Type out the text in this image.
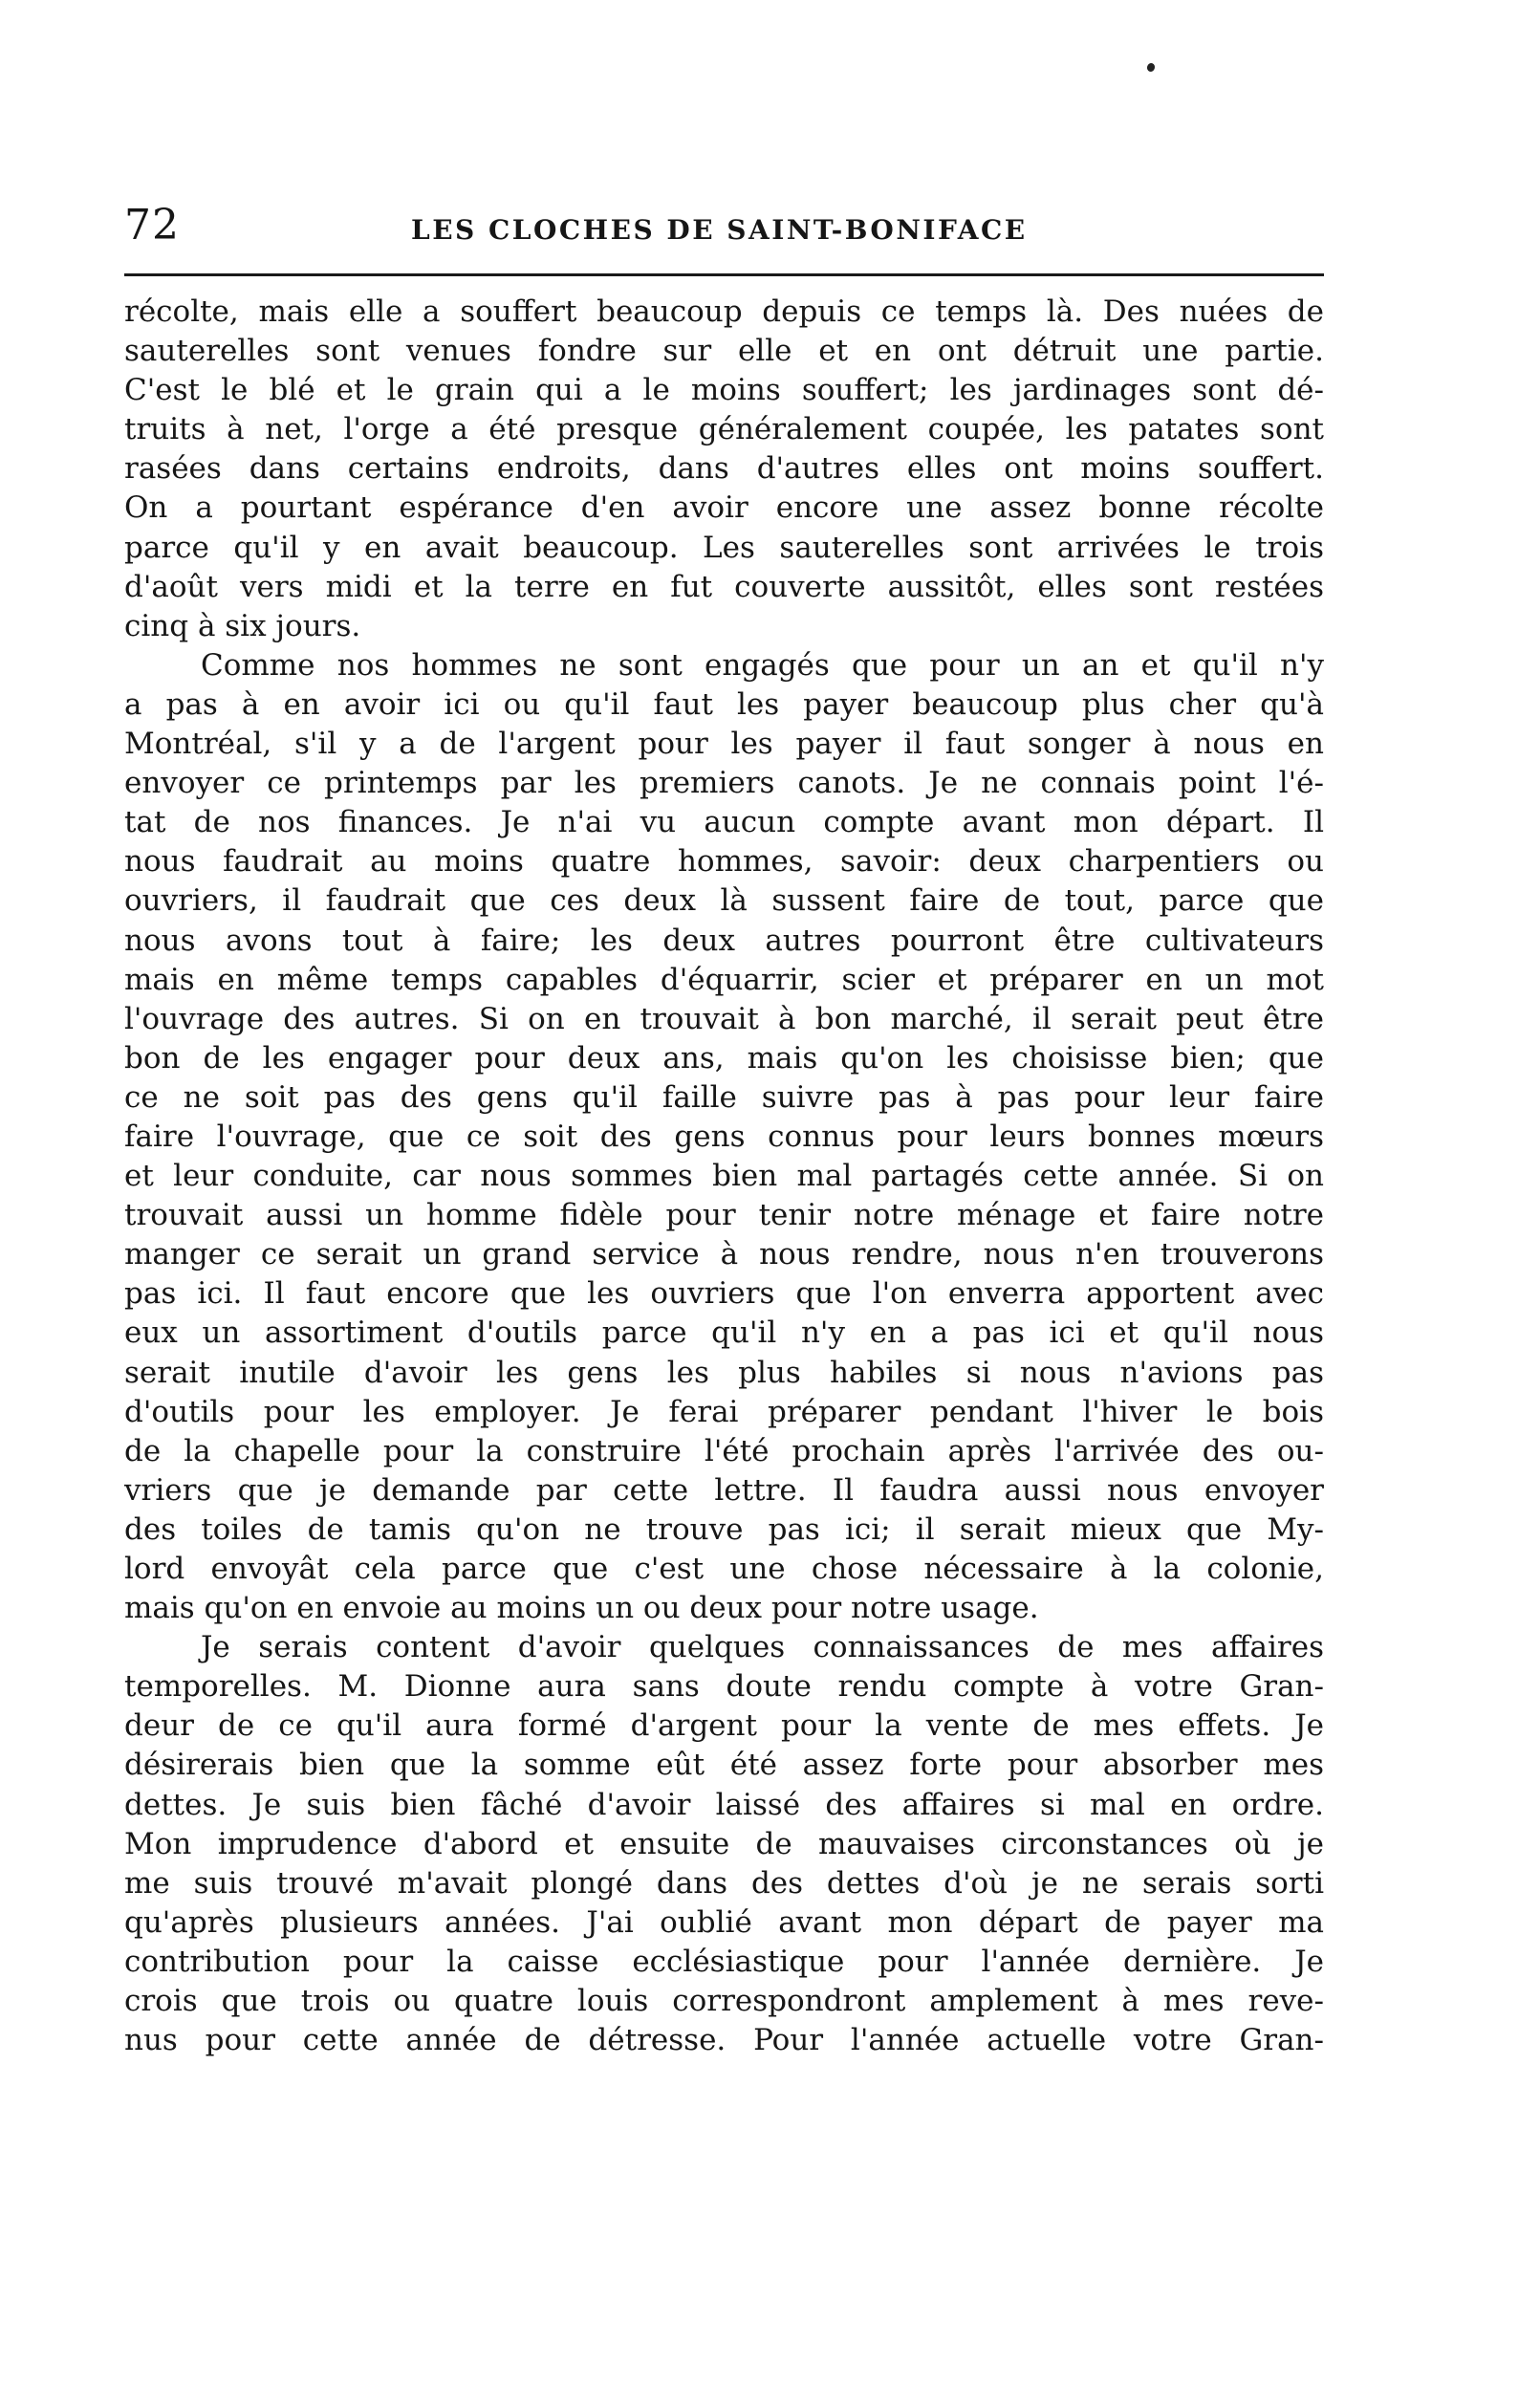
72	LES CLOCHES DE SAINT-BONIFACE
récolte, mais elle a souffert beaucoup depuis ce temps là. Des nuées de
sauterelles sont venues fondre sur elle et en ont détruit une partie.
C'est le blé et le grain qui a le moins souffert; les jardinages sont dé-
truits à net, l'orge a été presque généralement coupée, les patates sont
rasées dans certains endroits, dans d'autres elles ont moins souffert.
On a pourtant espérance d'en avoir encore une assez bonne récolte
parce qu'il y en avait beaucoup. Les sauterelles sont arrivées le trois
d'août vers midi et la terre en fut couverte aussitôt, elles sont restées
cinq à six jours.
Comme nos hommes ne sont engagés que pour un an et qu'il n'y
a pas à en avoir ici ou qu'il faut les payer beaucoup plus cher qu'à
Montréal, s'il y a de l'argent pour les payer il faut songer à nous en
envoyer ce printemps par les premiers canots. Je ne connais point l'é-
tat de nos finances. Je n'ai vu aucun compte avant mon départ. Il
nous faudrait au moins quatre hommes, savoir: deux charpentiers ou
ouvriers, il faudrait que ces deux là sussent faire de tout, parce que
nous avons tout à faire; les deux autres pourront être cultivateurs
mais en même temps capables d'équarrir, scier et préparer en un mot
l'ouvrage des autres. Si on en trouvait à bon marché, il serait peut être
bon de les engager pour deux ans, mais qu'on les choisisse bien; que
ce ne soit pas des gens qu'il faille suivre pas à pas pour leur faire
faire l'ouvrage, que ce soit des gens connus pour leurs bonnes mœurs
et leur conduite, car nous sommes bien mal partagés cette année. Si on
trouvait aussi un homme fidèle pour tenir notre ménage et faire notre
manger ce serait un grand service à nous rendre, nous n'en trouverons
pas ici. Il faut encore que les ouvriers que l'on enverra apportent avec
eux un assortiment d'outils parce qu'il n'y en a pas ici et qu'il nous
serait inutile d'avoir les gens les plus habiles si nous n'avions pas
d'outils pour les employer. Je ferai préparer pendant l'hiver le bois
de la chapelle pour la construire l'été prochain après l'arrivée des ou-
vriers que je demande par cette lettre. Il faudra aussi nous envoyer
des toiles de tamis qu'on ne trouve pas ici; il serait mieux que My-
lord envoyât cela parce que c'est une chose nécessaire à la colonie,
mais qu'on en envoie au moins un ou deux pour notre usage.
Je serais content d'avoir quelques connaissances de mes affaires
temporelles. M. Dionne aura sans doute rendu compte à votre Gran-
deur de ce qu'il aura formé d'argent pour la vente de mes effets. Je
désirerais bien que la somme eût été assez forte pour absorber mes
dettes. Je suis bien fâché d'avoir laissé des affaires si mal en ordre.
Mon imprudence d'abord et ensuite de mauvaises circonstances où je
me suis trouvé m'avait plongé dans des dettes d'où je ne serais sorti
qu'après plusieurs années. J'ai oublié avant mon départ de payer ma
contribution pour la caisse ecclésiastique pour l'année dernière. Je
crois que trois ou quatre louis correspondront amplement à mes reve-
nus pour cette année de détresse. Pour l'année actuelle votre Gran-
